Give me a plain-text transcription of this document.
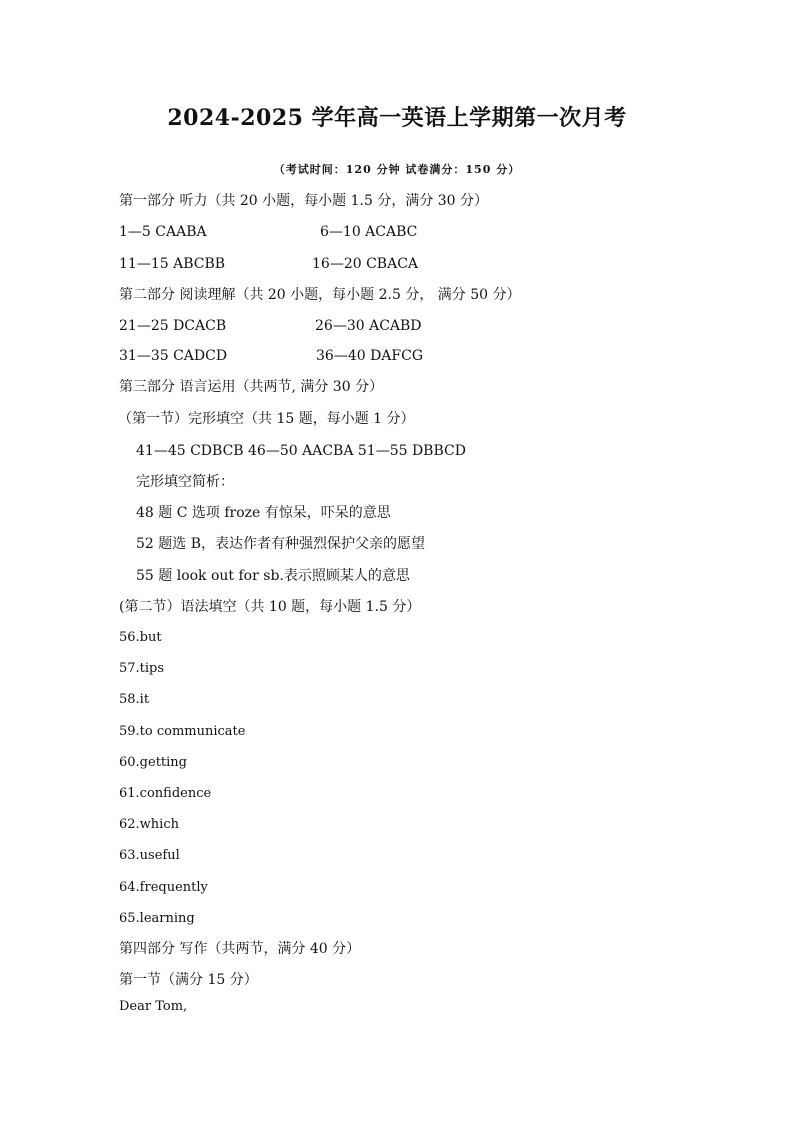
2024-2025 学年高一英语上学期第一次月考
（考试时间：120 分钟 试卷满分：150 分）
第一部分 听力（共 20 小题，每小题 1.5 分，满分 30 分）
1—5 CAABA	6—10 ACABC
11—15 ABCBB	16—20 CBACA
第二部分 阅读理解（共 20 小题，每小题 2.5 分， 满分 50 分）
21—25 DCACB	26—30 ACABD
31—35 CADCD	36—40 DAFCG
第三部分 语言运用（共两节, 满分 30 分）
（第一节）完形填空（共 15 题，每小题 1 分）
41—45 CDBCB 46—50 AACBA 51—55 DBBCD
完形填空简析：
48 题 C 选项 froze 有惊呆，吓呆的意思
52 题选 B，表达作者有种强烈保护父亲的愿望
55 题 look out for sb.表示照顾某人的意思
(第二节）语法填空（共 10 题，每小题 1.5 分）
56.but
57.tips
58.it
59.to communicate
60.getting
61.confidence
62.which
63.useful
64.frequently
65.learning
第四部分 写作（共两节，满分 40 分）
第一节（满分 15 分）
Dear Tom,
